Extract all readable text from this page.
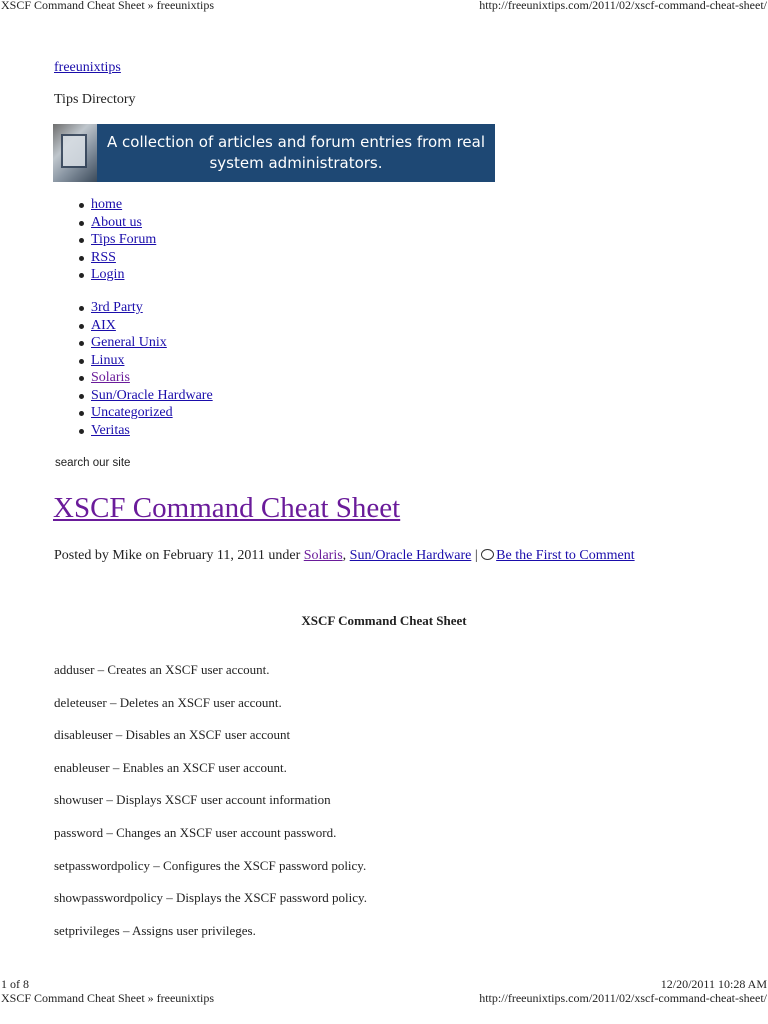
XSCF Command Cheat Sheet » freeunixtips	http://freeunixtips.com/2011/02/xscf-command-cheat-sheet/
freeunixtips
Tips Directory
A collection of articles and forum entries from real
system administrators.
home
About us
Tips Forum
RSS
Login
3rd Party
AIX
General Unix
Linux
Solaris
Sun/Oracle Hardware
Uncategorized
Veritas
search our site
XSCF Command Cheat Sheet
Posted by Mike on February 11, 2011 under Solaris, Sun/Oracle Hardware | Be the First to Comment
XSCF Command Cheat Sheet
adduser – Creates an XSCF user account.
deleteuser – Deletes an XSCF user account.
disableuser – Disables an XSCF user account
enableuser – Enables an XSCF user account.
showuser – Displays XSCF user account information
password – Changes an XSCF user account password.
setpasswordpolicy – Configures the XSCF password policy.
showpasswordpolicy – Displays the XSCF password policy.
setprivileges – Assigns user privileges.
1 of 8	12/20/2011 10:28 AM
XSCF Command Cheat Sheet » freeunixtips	http://freeunixtips.com/2011/02/xscf-command-cheat-sheet/
